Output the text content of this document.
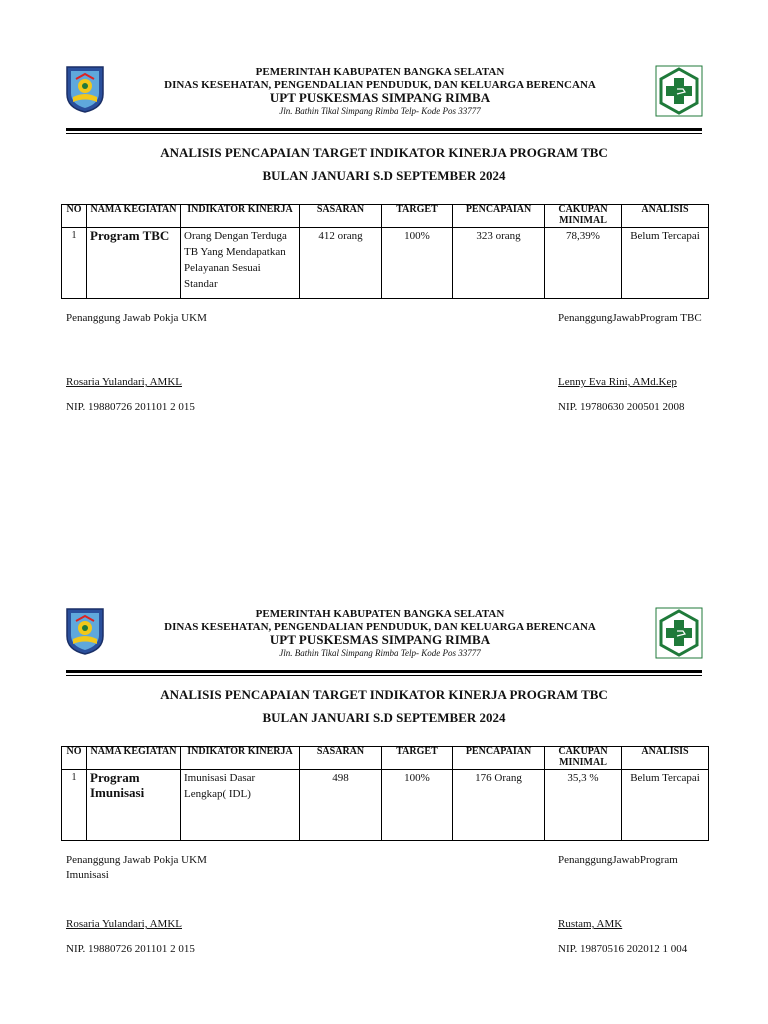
PEMERINTAH KABUPATEN BANGKA SELATAN
DINAS KESEHATAN, PENGENDALIAN PENDUDUK, DAN KELUARGA BERENCANA
UPT PUSKESMAS SIMPANG RIMBA
Jln. Bathin Tikal Simpang Rimba Telp- Kode Pos 33777
ANALISIS PENCAPAIAN TARGET INDIKATOR KINERJA PROGRAM TBC
BULAN JANUARI S.D SEPTEMBER 2024
NO	NAMA KEGIATAN	INDIKATOR KINERJA	SASARAN	TARGET	PENCAPAIAN	CAKUPAN MINIMAL	ANALISIS
1	Program TBC	Orang Dengan Terduga TB Yang Mendapatkan Pelayanan Sesuai Standar	412 orang	100%	323 orang	78,39%	Belum Tercapai
Penanggung Jawab Pokja UKM
Rosaria Yulandari, AMKL
NIP. 19880726 201101 2 015
PenanggungJawabProgram TBC
Lenny Eva Rini, AMd.Kep
NIP. 19780630 200501 2008
PEMERINTAH KABUPATEN BANGKA SELATAN
DINAS KESEHATAN, PENGENDALIAN PENDUDUK, DAN KELUARGA BERENCANA
UPT PUSKESMAS SIMPANG RIMBA
Jln. Bathin Tikal Simpang Rimba Telp- Kode Pos 33777
ANALISIS PENCAPAIAN TARGET INDIKATOR KINERJA PROGRAM TBC
BULAN JANUARI S.D SEPTEMBER 2024
NO	NAMA KEGIATAN	INDIKATOR KINERJA	SASARAN	TARGET	PENCAPAIAN	CAKUPAN MINIMAL	ANALISIS
1	Program Imunisasi	Imunisasi Dasar Lengkap( IDL)	498	100%	176 Orang	35,3 %	Belum Tercapai
Penanggung Jawab Pokja UKM
Imunisasi
Rosaria Yulandari, AMKL
NIP. 19880726 201101 2 015
PenanggungJawabProgram
Rustam, AMK
NIP. 19870516 202012 1 004
